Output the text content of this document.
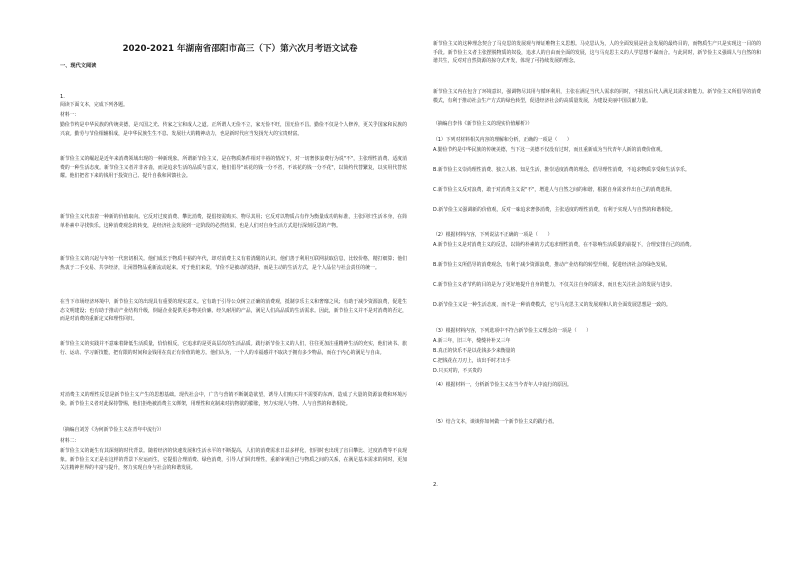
2020-2021 年湖南省邵阳市高三（下）第六次月考语文试卷
一、现代文阅读
1.
阅读下面文本，完成下列各题。
材料一：
勤俭节约是中华民族的传统美德，是兴国之光、传家之宝和成人之道。正所谓人无俭不立，家无俭不旺，国无俭不昌。勤俭不仅是个人修养，更关乎国家和民族的兴衰。勤劳与节俭相辅相成，是中华民族生生不息、发展壮大的精神动力，也是新时代应当发扬光大的宝贵财富。
新节俭主义的崛起是近年来消费领域出现的一种新现象。所谓新节俭主义，是在物质条件相对丰裕的情况下，对一切奢侈浪费行为说"不"，主张理性消费、适度消费的一种生活态度。新节俭主义者并非吝啬，而是追求生活的品质与意义，他们倡导"该花的钱一分不省，不该花的钱一分不花"，以简约代替繁复，以实用代替炫耀。他们把省下来的钱用于投资自己、提升自我和回馈社会。
新节俭主义代表着一种新的价值取向。它反对过度消费、攀比消费，提倡按需购买、物尽其用；它反对以物质占有作为衡量成功的标准，主张回归生活本身，在简单朴素中寻找快乐。这种消费观念的转变，是经济社会发展到一定阶段的必然结果，也是人们对自身生活方式进行深刻反思的产物。
新节俭主义的兴起与年轻一代密切相关。他们成长于物质丰裕的年代，却对消费主义有着清醒的认识。他们善于利用互联网获取信息，比较价格，精打细算；他们热衷于二手交易、共享经济，让闲置物品重新流动起来。对于他们来说，节俭不是被动的选择，而是主动的生活方式，是个人品位与社会责任的统一。
在当下市场经济环境中，新节俭主义的出现具有重要的现实意义。它有助于引导公众树立正确的消费观，抵制享乐主义和奢靡之风；有助于减少资源浪费，促进生态文明建设；也有助于推动产业结构升级，倒逼企业提供更多物美价廉、经久耐用的产品，满足人们高品质的生活需求。因此，新节俭主义并不是对消费的否定，而是对消费的重新定义和理性回归。
新节俭主义的实践并不意味着降低生活质量，恰恰相反，它追求的是更高层次的生活品质。践行新节俭主义的人们，往往更加注重精神生活的充实，他们读书、旅行、运动、学习新技能，把有限的时间和金钱用在真正有价值的地方。他们认为，一个人的幸福感并不取决于拥有多少物品，而在于内心的满足与自由。
对消费主义的理性反思是新节俭主义产生的思想基础。现代社会中，广告与营销不断制造欲望，诱导人们购买并不需要的东西，造成了大量的资源浪费和环境污染。新节俭主义者对此保持警惕，他们拒绝被消费主义绑架，用理性和克制来对抗物欲的膨胀，努力实现人与物、人与自然的和谐相处。
（摘编自刘芳《为何新节俭主义在青年中流行》）
材料二：
新节俭主义的诞生有其深刻的时代背景。随着经济的快速发展和生活水平的不断提高，人们的消费需求日益多样化，但同时也出现了盲目攀比、过度消费等不良现象。新节俭主义正是在这样的背景下应运而生，它提倡合理消费、绿色消费，引导人们回归理性，重新审视自己与物质之间的关系，在满足基本需求的同时，更加关注精神世界的丰富与提升，努力实现自身与社会的和谐发展。
新节俭主义的这种理念契合了马克思的发展观与辩证唯物主义思想。马克思认为，人的全面发展是社会发展的最终目的，而物质生产只是实现这一目的的手段。新节俭主义者主张摆脱物质的奴役，追求人的自由而全面的发展，这与马克思主义的人学思想不谋而合。与此同时，新节俭主义强调人与自然的和谐共生，反对对自然资源的掠夺式开发，体现了可持续发展的理念。
新节俭主义内在包含了环境意识，强调物尽其用与循环利用，主张在满足当代人需求的同时，不损害后代人满足其需求的能力。新节俭主义所倡导的消费模式，有利于推动社会生产方式的绿色转型，促进经济社会的高质量发展，为建设美丽中国贡献力量。
（摘编自李伟《新节俭主义的现实价值解析》）
（1）下列对材料相关内容的理解和分析，正确的一项是（　　）
A.勤俭节约是中华民族的传统美德，当下这一美德不仅没有过时，而且重新成为当代青年人新的消费价值观。
B.新节俭主义崇尚理性消费、独立人格、知足生活，推崇适度消费的理念，倡导理性消费，不追求物质享受和生活享乐。
C.新节俭主义反对浪费，敢于对消费主义说"不"，增进人与自然之间的和谐，根据自身需求作出自己的消费选择。
D.新节俭主义强调新的价值观，反对一味追求奢侈消费，主张适度的理性消费，有利于实现人与自然的和谐相处。
（2）根据材料内容，下列说法不正确的一项是（　　）
A.新节俭主义是对消费主义的反思，以简约朴素的方式追求理性消费，在不影响生活质量的前提下，合理安排自己的消费。
B.新节俭主义所倡导的消费观念，有利于减少资源浪费，推动产业结构的转型升级，促进经济社会的绿色发展。
C.新节俭主义者节约的目的是为了更好地提升自身的能力，不仅关注自身的需求，而且也关注社会的发展与进步。
D.新节俭主义是一种生活态度，而不是一种消费模式，它与马克思主义的发展观和人的全面发展思想是一致的。
（3）根据材料内容，下列选项中不符合新节俭主义理念的一项是（　　）
A.新三年，旧三年，缝缝补补又三年
B.真正的快乐不是以花钱多少来衡量的
C.把钱花在刀刃上，该出手时才出手
D.只买对的，不买贵的
（4）根据材料一，分析新节俭主义在当今青年人中流行的原因。
（5）结合文本，谈谈你如何做一个新节俭主义的践行者。
2.
